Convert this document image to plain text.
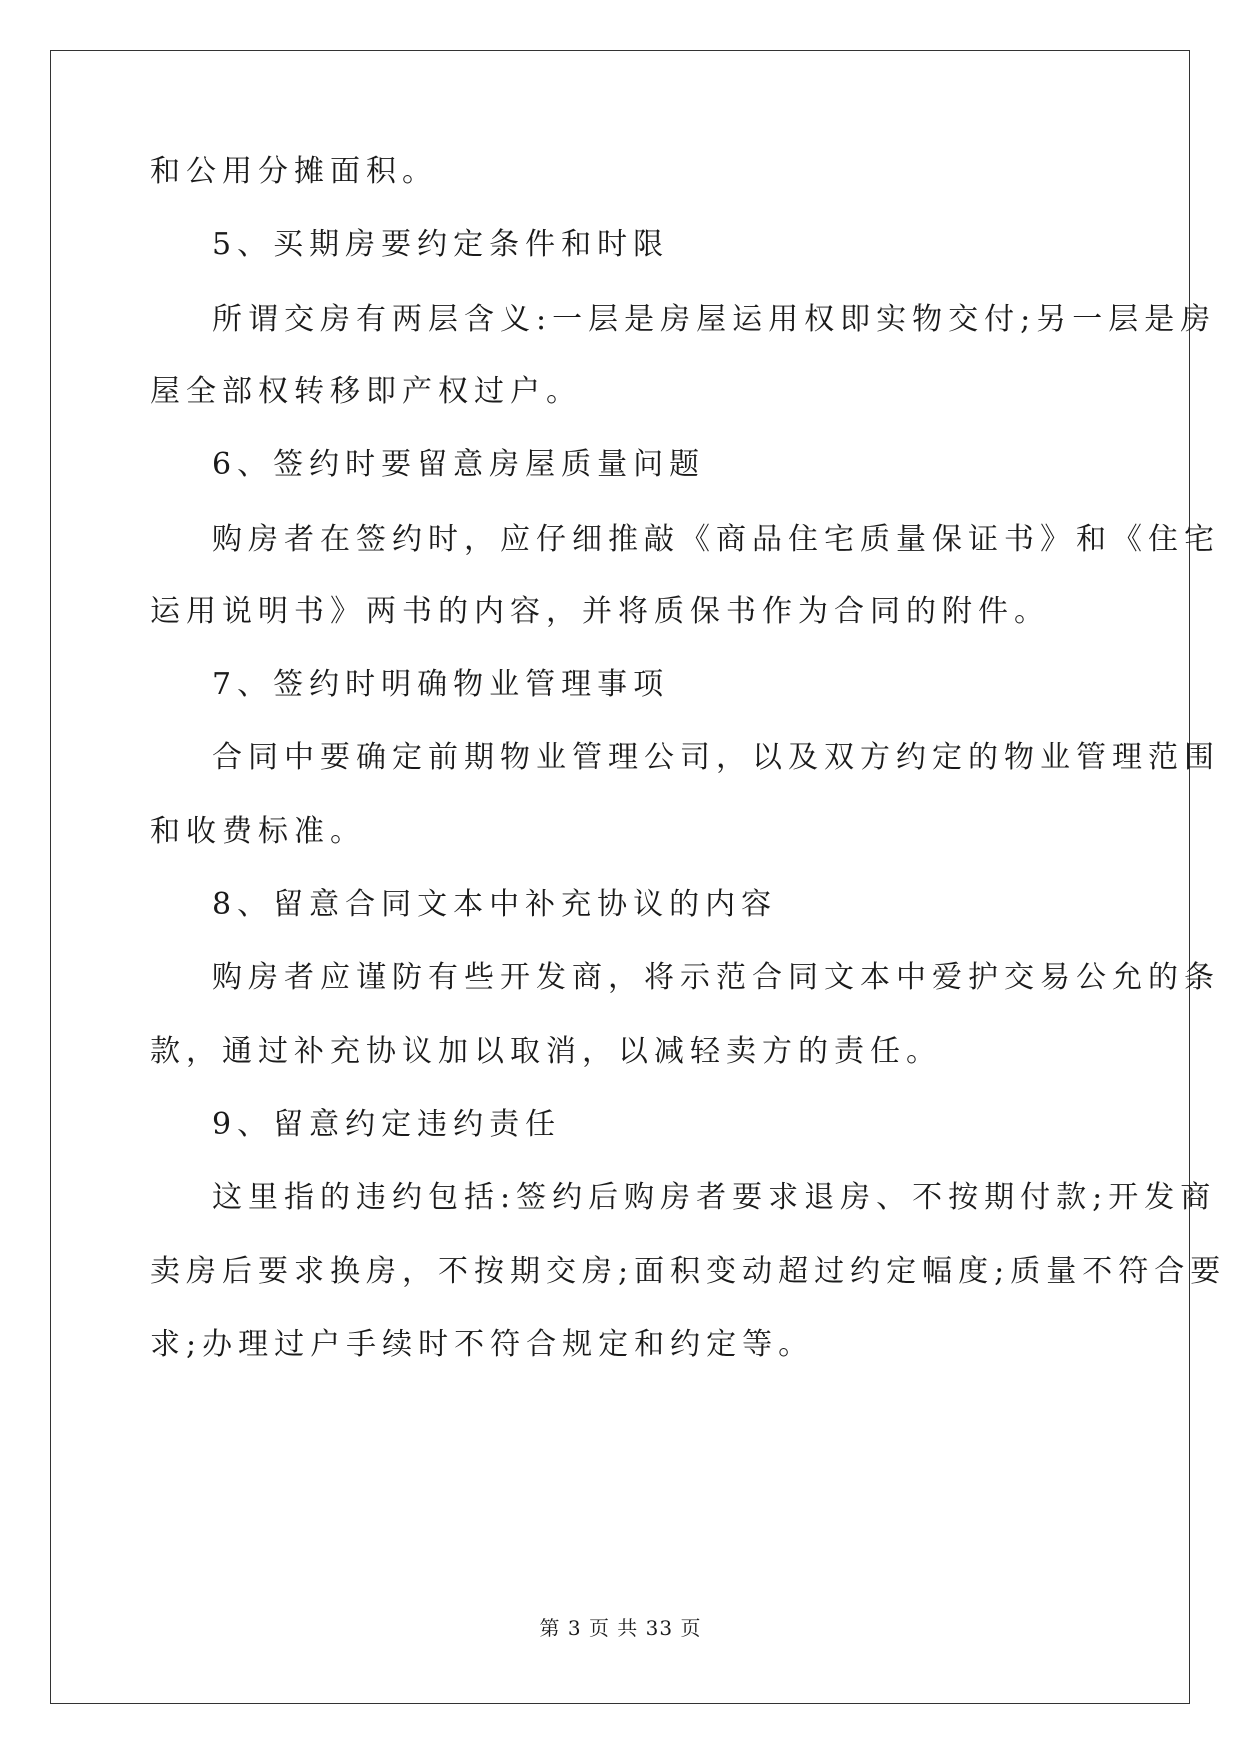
和公用分摊面积。
5、买期房要约定条件和时限
所谓交房有两层含义:一层是房屋运用权即实物交付;另一层是房
屋全部权转移即产权过户。
6、签约时要留意房屋质量问题
购房者在签约时，应仔细推敲《商品住宅质量保证书》和《住宅
运用说明书》两书的内容，并将质保书作为合同的附件。
7、签约时明确物业管理事项
合同中要确定前期物业管理公司，以及双方约定的物业管理范围
和收费标准。
8、留意合同文本中补充协议的内容
购房者应谨防有些开发商，将示范合同文本中爱护交易公允的条
款，通过补充协议加以取消，以减轻卖方的责任。
9、留意约定违约责任
这里指的违约包括:签约后购房者要求退房、不按期付款;开发商
卖房后要求换房，不按期交房;面积变动超过约定幅度;质量不符合要
求;办理过户手续时不符合规定和约定等。
第 3 页 共 33 页
